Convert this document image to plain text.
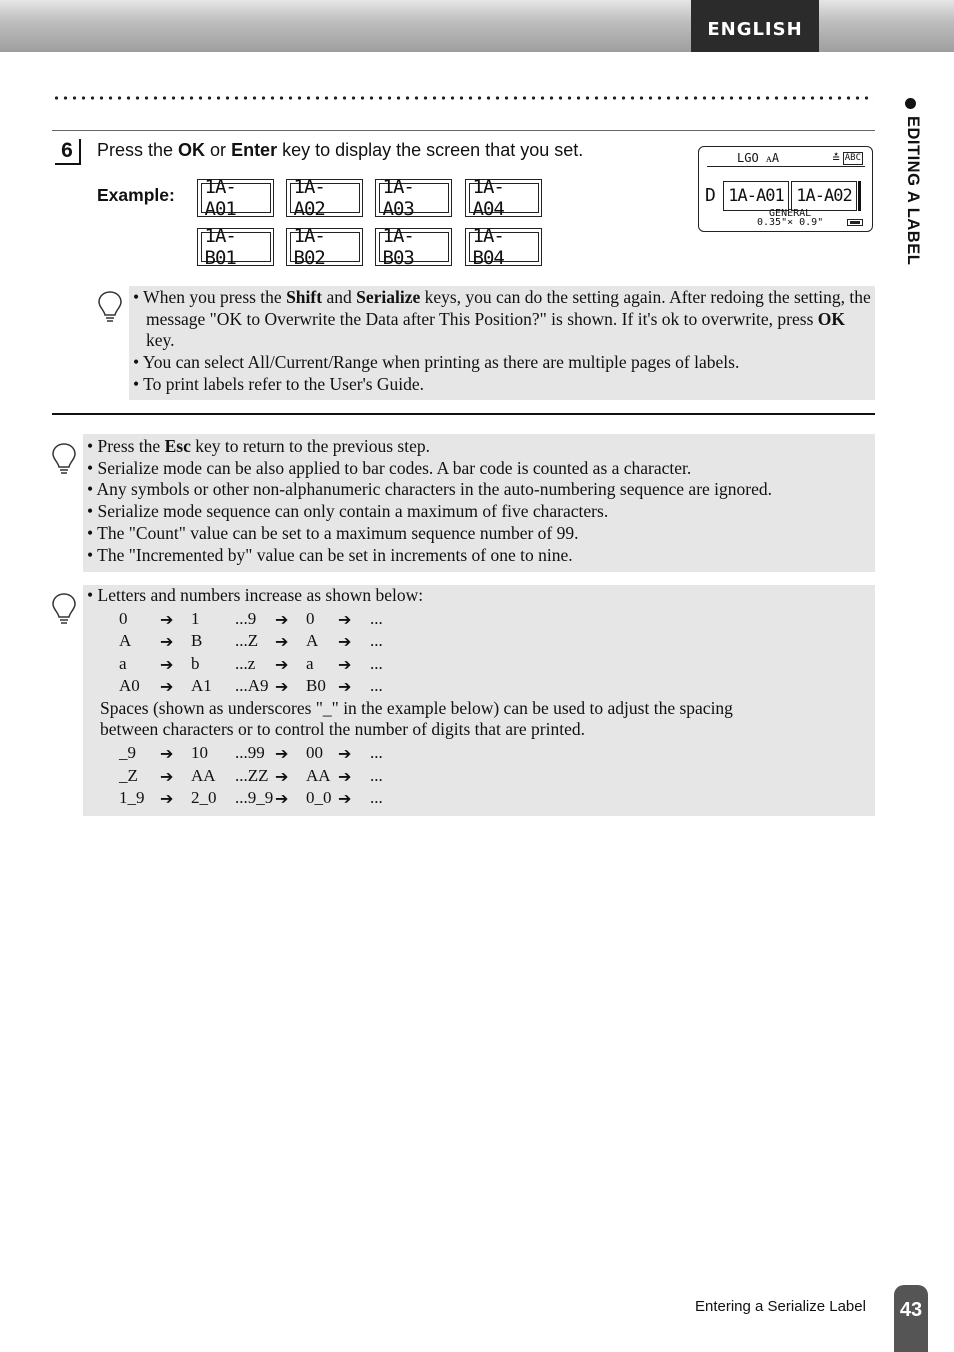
ENGLISH
EDITING A LABEL
6	Press the OK or Enter key to display the screen that you set.
Example: 1A-A01
1A-A02
1A-A03
1A-A04
1A-B01
1A-B02
1A-B03
1A-B04
LGO ᴀA	≛ ABC
D 1A-A01 1A-A02
GENERAL
0.35"× 0.9"

• When you press the Shift and Serialize keys, you can do the setting again. After redoing the setting, the message "OK to Overwrite the Data after This Position?" is shown. If it's ok to overwrite, press OK key.

• You can select All/Current/Range when printing as there are multiple pages of labels.

• To print labels refer to the User's Guide.

• Press the Esc key to return to the previous step.

• Serialize mode can be also applied to bar codes. A bar code is counted as a character.

• Any symbols or other non-alphanumeric characters in the auto-numbering sequence are ignored.

• Serialize mode sequence can only contain a maximum of five characters.

• The "Count" value can be set to a maximum sequence number of 99.

• The "Incremented by" value can be set in increments of one to nine.

• Letters and numbers increase as shown below:

0 ➔ 1 ...9 ➔ 0 ➔ ...
A ➔ B ...Z ➔ A ➔ ...
a ➔ b ...z ➔ a ➔ ...
A0 ➔ A1 ...A9 ➔ B0 ➔ ...

Spaces (shown as underscores "_" in the example below) can be used to adjust the spacing

between characters or to control the number of digits that are printed.

_9 ➔ 10 ...99 ➔ 00 ➔ ...
_Z ➔ AA ...ZZ ➔ AA ➔ ...
1_9 ➔ 2_0 ...9_9 ➔ 0_0 ➔ ...
Entering a Serialize Label 43
